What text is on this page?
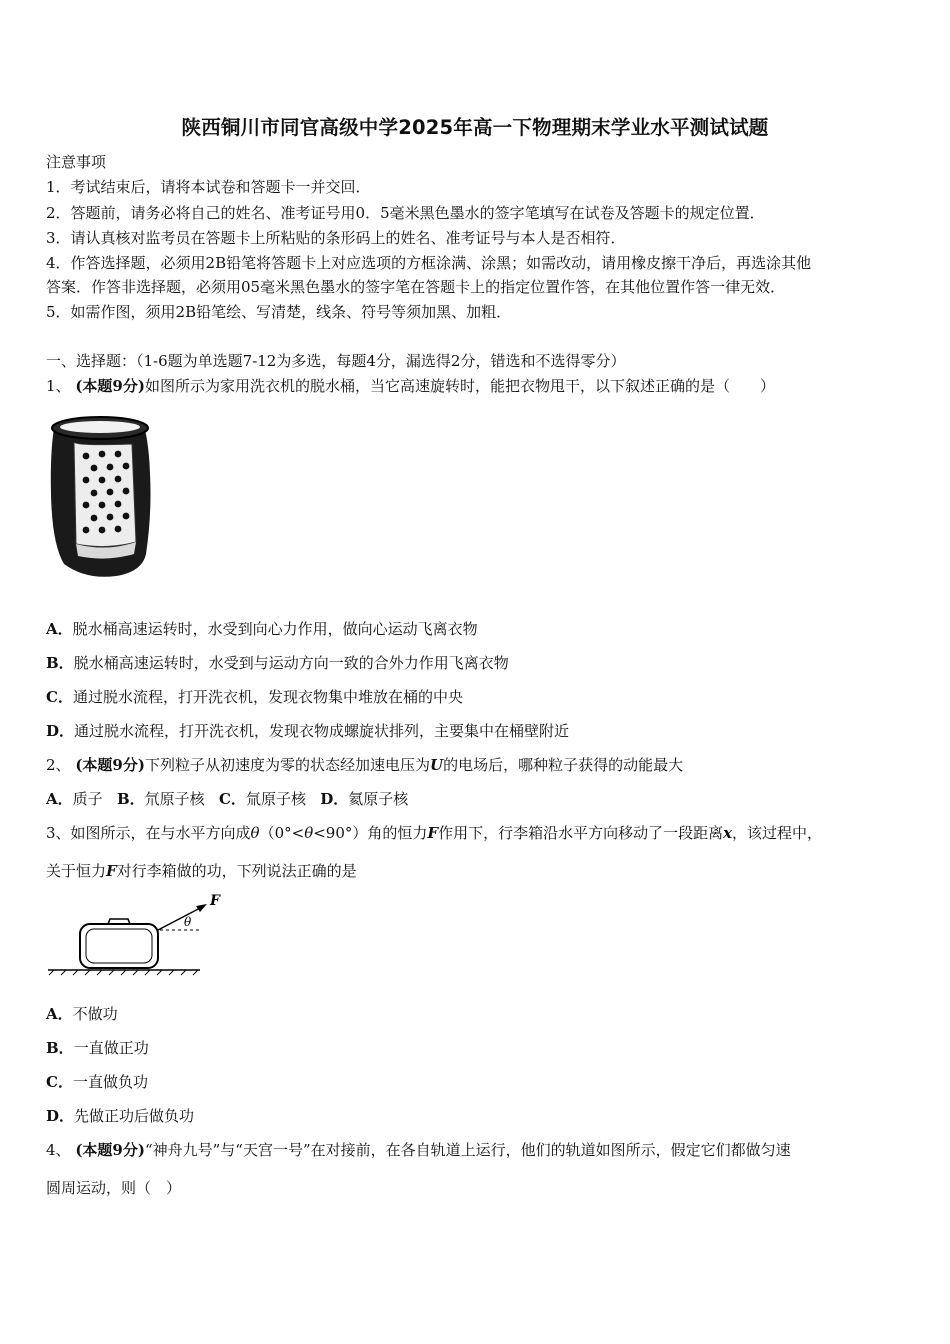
陕西铜川市同官高级中学2025年高一下物理期末学业水平测试试题
注意事项
1．考试结束后，请将本试卷和答题卡一并交回．
2．答题前，请务必将自己的姓名、准考证号用0．5毫米黑色墨水的签字笔填写在试卷及答题卡的规定位置．
3．请认真核对监考员在答题卡上所粘贴的条形码上的姓名、准考证号与本人是否相符．
4．作答选择题，必须用2B铅笔将答题卡上对应选项的方框涂满、涂黑；如需改动，请用橡皮擦干净后，再选涂其他
答案．作答非选择题，必须用05毫米黑色墨水的签字笔在答题卡上的指定位置作答，在其他位置作答一律无效．
5．如需作图，须用2B铅笔绘、写清楚，线条、符号等须加黑、加粗．
一、选择题：（1-6题为单选题7-12为多选，每题4分，漏选得2分，错选和不选得零分）
1、 (本题9分)如图所示为家用洗衣机的脱水桶，当它高速旋转时，能把衣物甩干，以下叙述正确的是（　　）
A．脱水桶高速运转时，水受到向心力作用，做向心运动飞离衣物
B．脱水桶高速运转时，水受到与运动方向一致的合外力作用飞离衣物
C．通过脱水流程，打开洗衣机，发现衣物集中堆放在桶的中央
D．通过脱水流程，打开洗衣机，发现衣物成螺旋状排列，主要集中在桶壁附近
2、 (本题9分)下列粒子从初速度为零的状态经加速电压为U的电场后，哪种粒子获得的动能最大
A．质子 B．氘原子核 C．氚原子核 D．氦原子核
3、如图所示，在与水平方向成θ（0°<θ<90°）角的恒力F作用下，行李箱沿水平方向移动了一段距离x，该过程中，
关于恒力F对行李箱做的功，下列说法正确的是
F
θ
A．不做功
B．一直做正功
C．一直做负功
D．先做正功后做负功
4、 (本题9分)“神舟九号”与“天宫一号”在对接前，在各自轨道上运行，他们的轨道如图所示，假定它们都做匀速
圆周运动，则（　）
